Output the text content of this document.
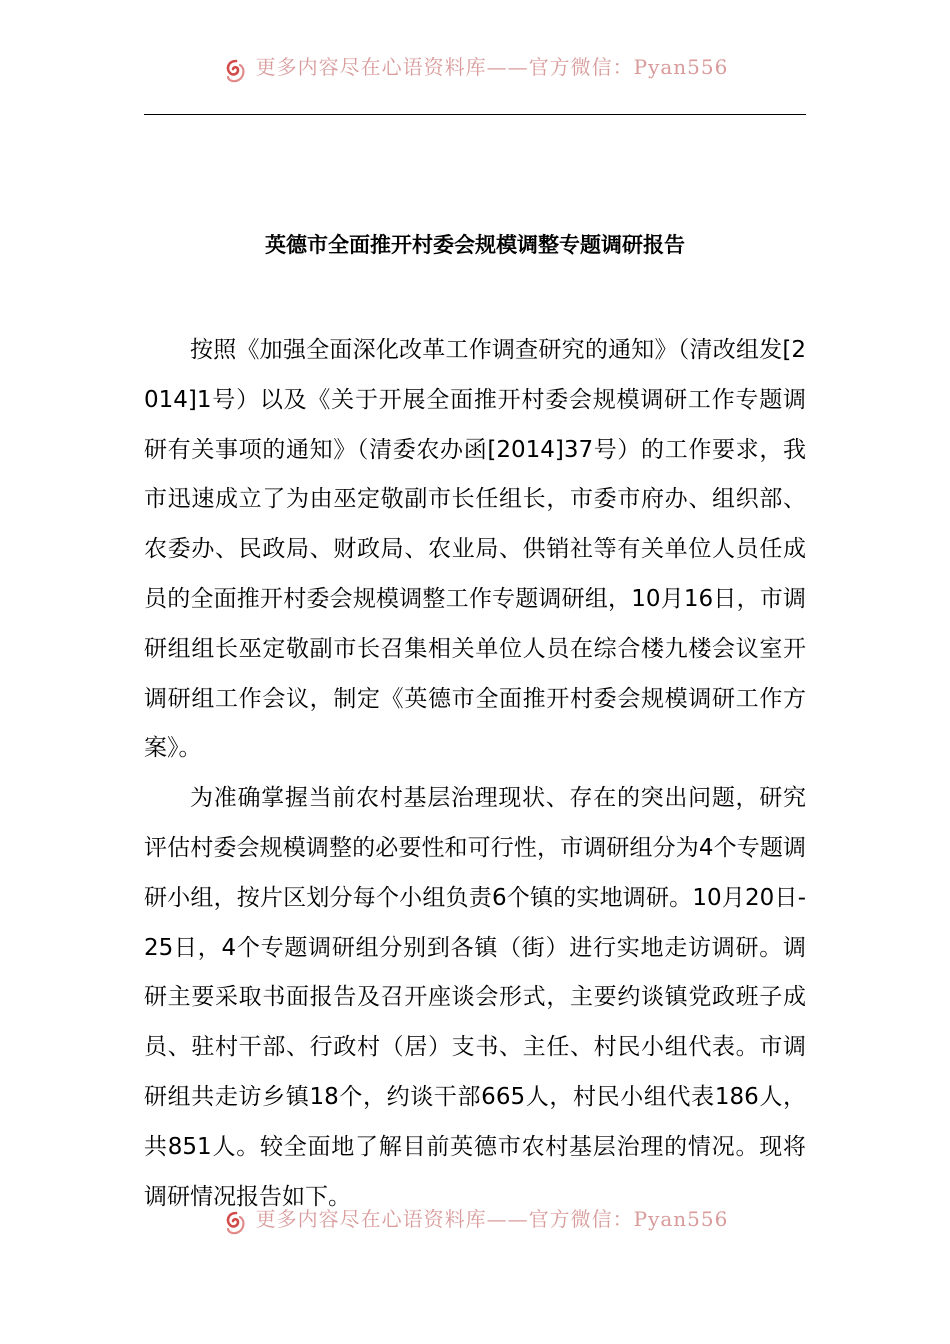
更多内容尽在心语资料库——官方微信：Pyan556
英德市全面推开村委会规模调整专题调研报告

按照《加强全面深化改革工作调查研究的通知》（清改组发[2014]1号）以及《关于开展全面推开村委会规模调研工作专题调研有关事项的通知》（清委农办函[2014]37号）的工作要求，我市迅速成立了为由巫定敬副市长任组长，市委市府办、组织部、农委办、民政局、财政局、农业局、供销社等有关单位人员任成员的全面推开村委会规模调整工作专题调研组，10月16日，市调研组组长巫定敬副市长召集相关单位人员在综合楼九楼会议室开调研组工作会议，制定《英德市全面推开村委会规模调研工作方案》。

为准确掌握当前农村基层治理现状、存在的突出问题，研究评估村委会规模调整的必要性和可行性，市调研组分为4个专题调研小组，按片区划分每个小组负责6个镇的实地调研。10月20日-25日，4个专题调研组分别到各镇（街）进行实地走访调研。调研主要采取书面报告及召开座谈会形式，主要约谈镇党政班子成员、驻村干部、行政村（居）支书、主任、村民小组代表。市调研组共走访乡镇18个，约谈干部665人，村民小组代表186人，共851人。较全面地了解目前英德市农村基层治理的情况。现将调研情况报告如下。

更多内容尽在心语资料库——官方微信：Pyan556
